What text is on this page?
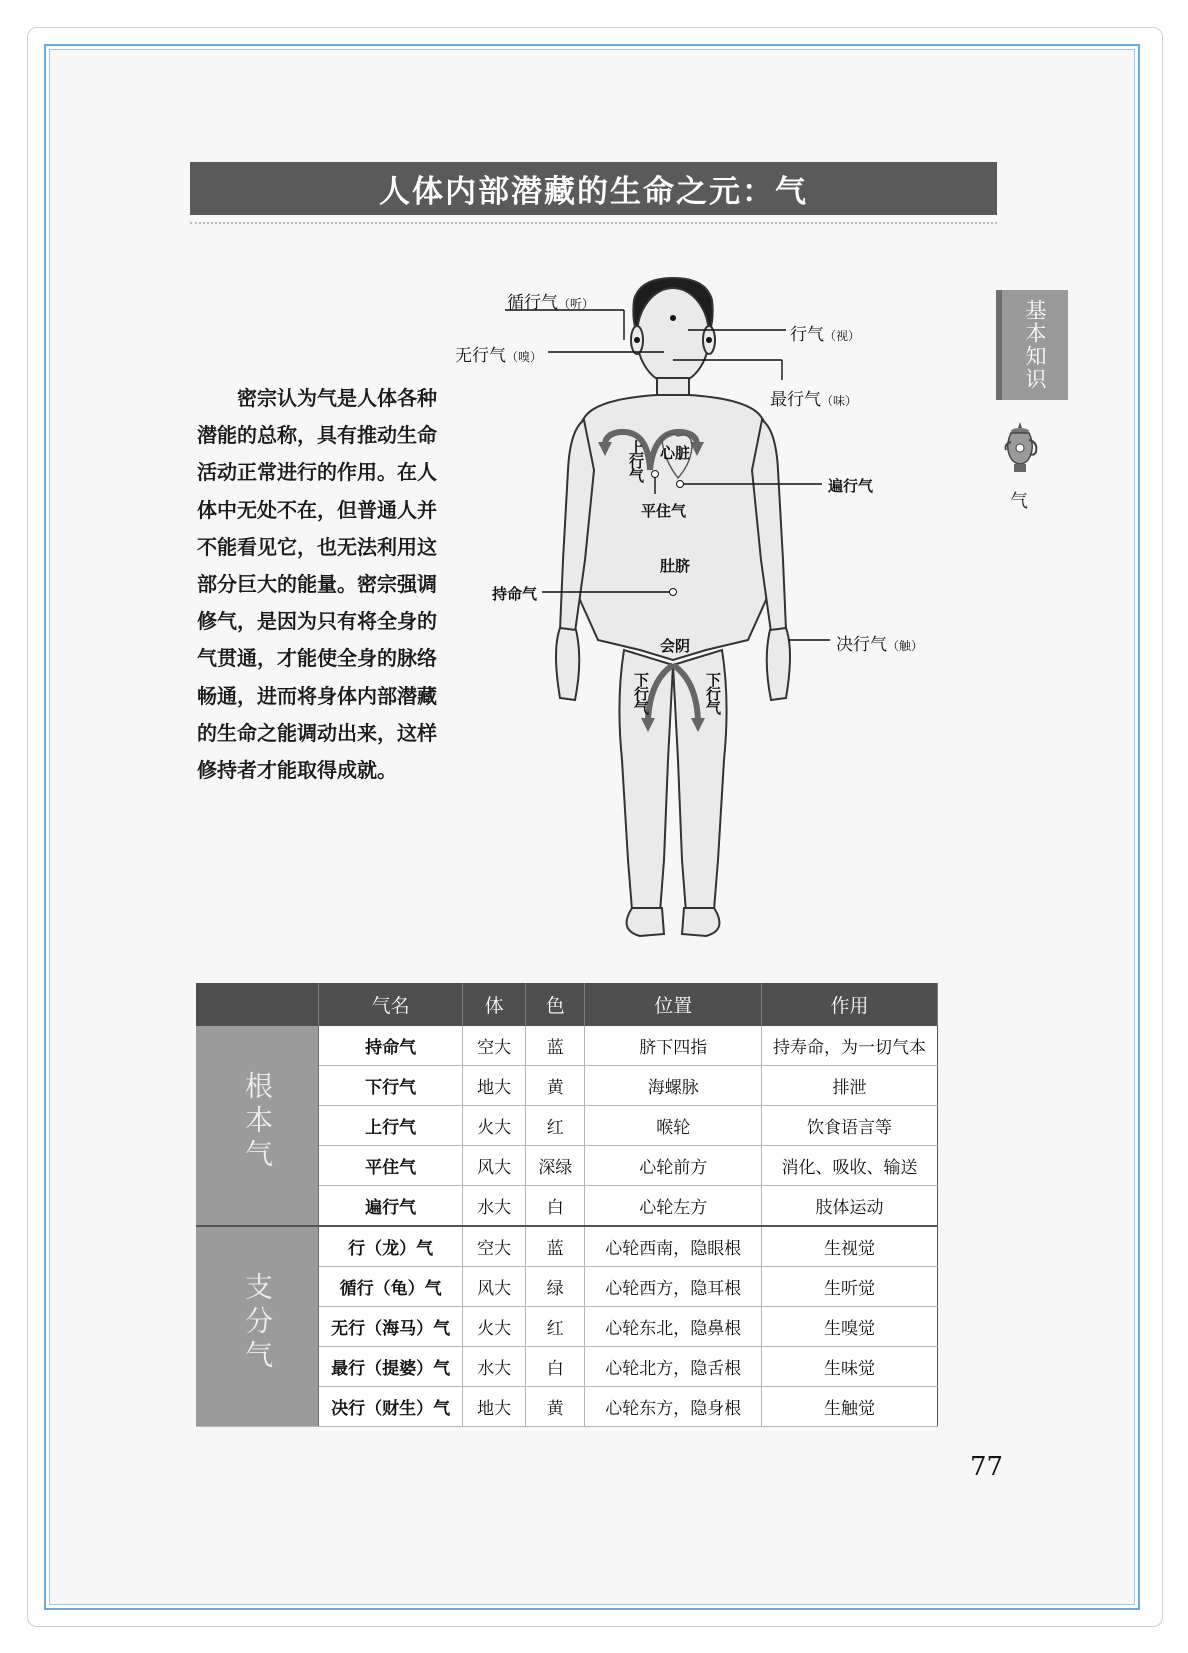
人体内部潜藏的生命之元：气
基本知识
气
密宗认为气是人体各种潜能的总称，具有推动生命活动正常进行的作用。在人体中无处不在，但普通人并不能看见它，也无法利用这部分巨大的能量。密宗强调修气，是因为只有将全身的气贯通，才能使全身的脉络畅通，进而将身体内部潜藏的生命之能调动出来，这样修持者才能取得成就。
循行气（听）
行气（视）
无行气（嗅）
最行气（味）
上行气 心脏
遍行气
平住气
肚脐
持命气
会阴	决行气（触）
下行气	下行气
	气名	体	色	位置	作用
根本气	持命气	空大	蓝	脐下四指	持寿命，为一切气本
	下行气	地大	黄	海螺脉	排泄
	上行气	火大	红	喉轮	饮食语言等
	平住气	风大	深绿	心轮前方	消化、吸收、输送
	遍行气	水大	白	心轮左方	肢体运动
支分气	行（龙）气	空大	蓝	心轮西南，隐眼根	生视觉
	循行（龟）气	风大	绿	心轮西方，隐耳根	生听觉
	无行（海马）气	火大	红	心轮东北，隐鼻根	生嗅觉
	最行（提婆）气	水大	白	心轮北方，隐舌根	生味觉
	决行（财生）气	地大	黄	心轮东方，隐身根	生触觉
77
